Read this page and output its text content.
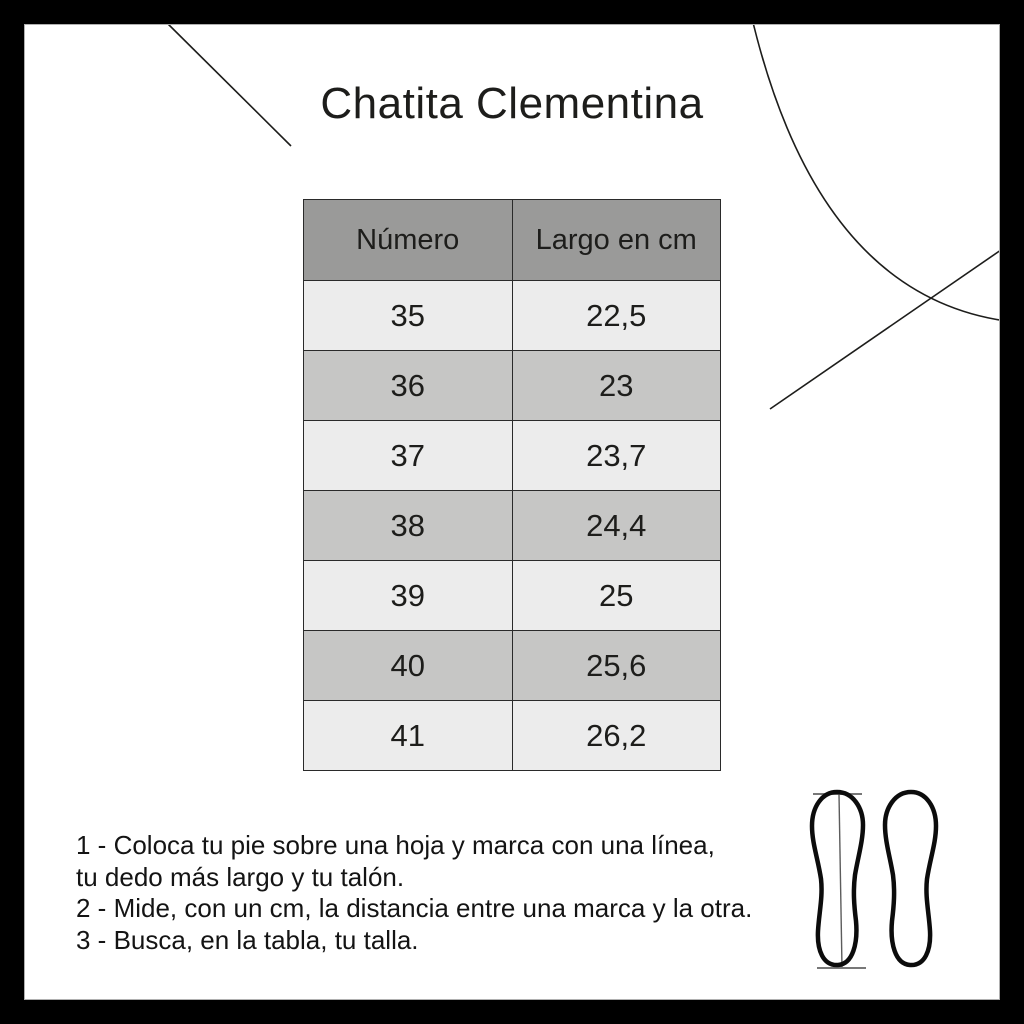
Chatita Clementina
Número	Largo en cm
35	22,5
36	23
37	23,7
38	24,4
39	25
40	25,6
41	26,2
1 - Coloca tu pie sobre una hoja y marca con una línea,
tu dedo más largo y tu talón.
2 - Mide, con un cm, la distancia entre una marca y la otra.
3 - Busca, en la tabla, tu talla.
